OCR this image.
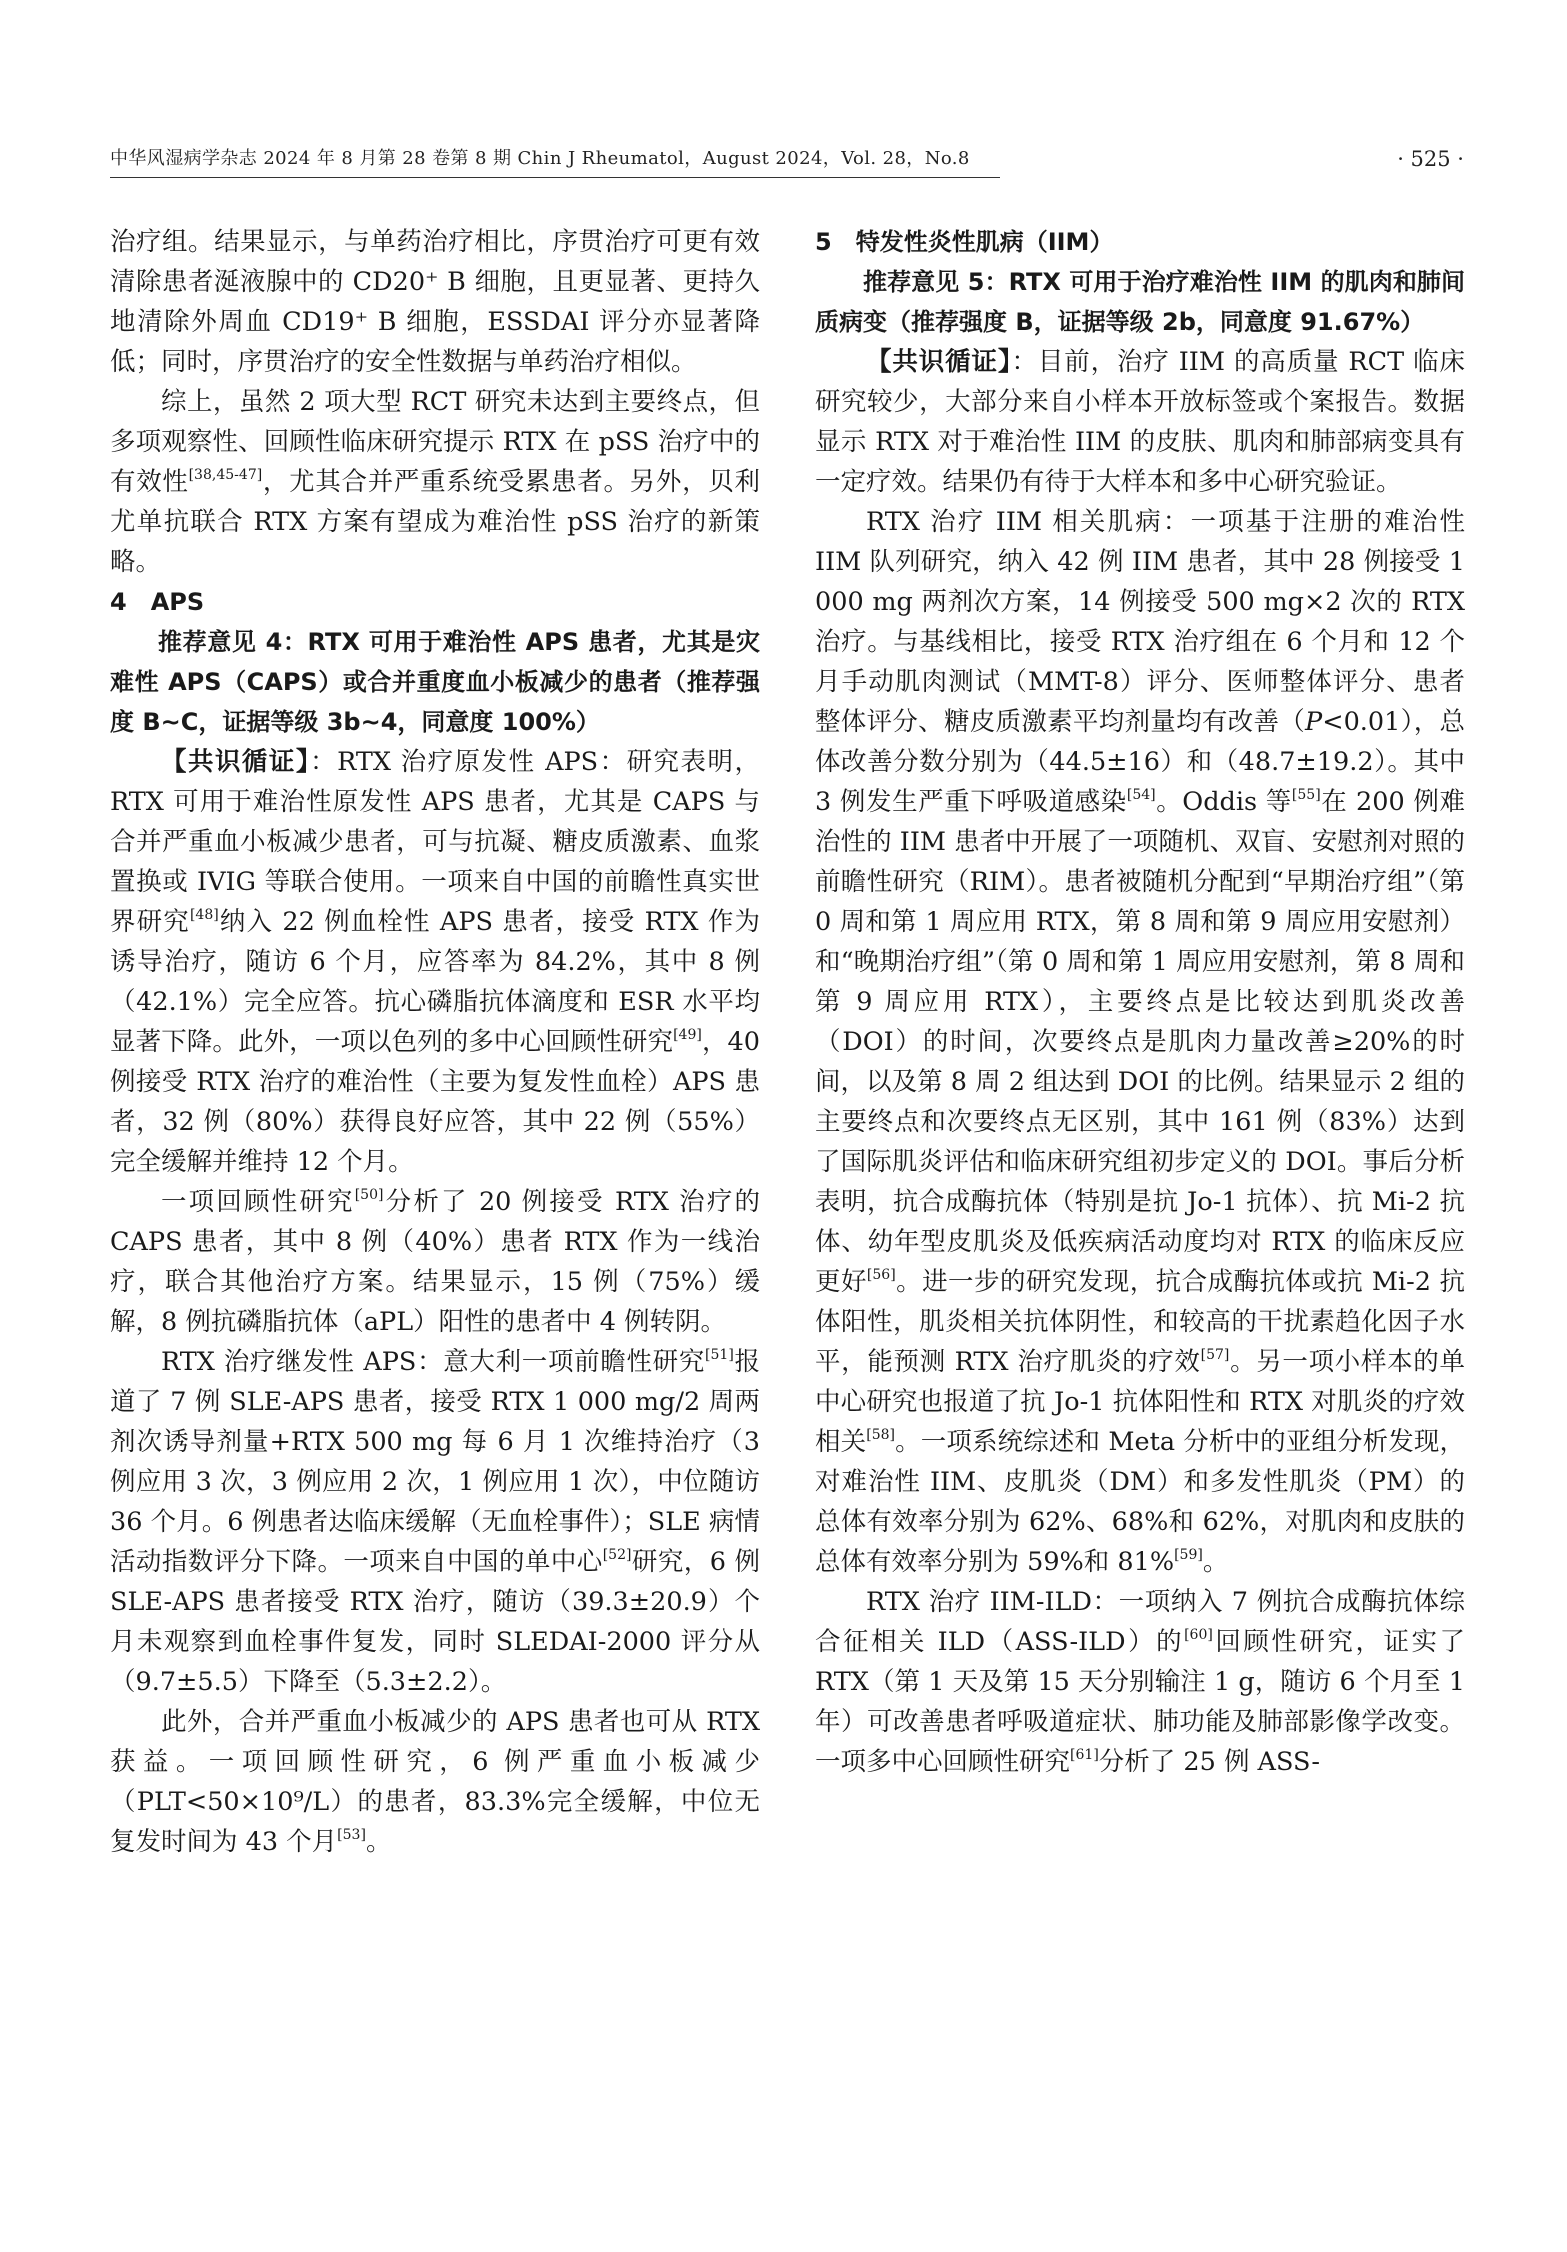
中华风湿病学杂志 2024 年 8 月第 28 卷第 8 期 Chin J Rheumatol，August 2024，Vol. 28，No.8	· 525 ·

治疗组。结果显示，与单药治疗相比，序贯治疗可更有效清除患者涎液腺中的 CD20⁺ B 细胞，且更显著、更持久地清除外周血 CD19⁺ B 细胞，ESSDAI 评分亦显著降低；同时，序贯治疗的安全性数据与单药治疗相似。

综上，虽然 2 项大型 RCT 研究未达到主要终点，但多项观察性、回顾性临床研究提示 RTX 在 pSS 治疗中的有效性[38,45-47]，尤其合并严重系统受累患者。另外，贝利尤单抗联合 RTX 方案有望成为难治性 pSS 治疗的新策略。

4　APS

推荐意见 4：RTX 可用于难治性 APS 患者，尤其是灾难性 APS（CAPS）或合并重度血小板减少的患者（推荐强度 B~C，证据等级 3b~4，同意度 100%）

【共识循证】：RTX 治疗原发性 APS：研究表明，RTX 可用于难治性原发性 APS 患者，尤其是 CAPS 与合并严重血小板减少患者，可与抗凝、糖皮质激素、血浆置换或 IVIG 等联合使用。一项来自中国的前瞻性真实世界研究[48]纳入 22 例血栓性 APS 患者，接受 RTX 作为诱导治疗，随访 6 个月，应答率为 84.2%，其中 8 例（42.1%）完全应答。抗心磷脂抗体滴度和 ESR 水平均显著下降。此外，一项以色列的多中心回顾性研究[49]，40 例接受 RTX 治疗的难治性（主要为复发性血栓）APS 患者，32 例（80%）获得良好应答，其中 22 例（55%）完全缓解并维持 12 个月。

一项回顾性研究[50]分析了 20 例接受 RTX 治疗的 CAPS 患者，其中 8 例（40%）患者 RTX 作为一线治疗，联合其他治疗方案。结果显示，15 例（75%）缓解，8 例抗磷脂抗体（aPL）阳性的患者中 4 例转阴。

RTX 治疗继发性 APS：意大利一项前瞻性研究[51]报道了 7 例 SLE-APS 患者，接受 RTX 1 000 mg/2 周两剂次诱导剂量+RTX 500 mg 每 6 月 1 次维持治疗（3 例应用 3 次，3 例应用 2 次，1 例应用 1 次），中位随访 36 个月。6 例患者达临床缓解（无血栓事件）；SLE 病情活动指数评分下降。一项来自中国的单中心[52]研究，6 例 SLE-APS 患者接受 RTX 治疗，随访（39.3±20.9）个月未观察到血栓事件复发，同时 SLEDAI-2000 评分从（9.7±5.5）下降至（5.3±2.2）。

此外，合并严重血小板减少的 APS 患者也可从 RTX 获益。一项回顾性研究，6 例严重血小板减少（PLT<50×10⁹/L）的患者，83.3%完全缓解，中位无复发时间为 43 个月[53]。

5　特发性炎性肌病（IIM）

推荐意见 5：RTX 可用于治疗难治性 IIM 的肌肉和肺间质病变（推荐强度 B，证据等级 2b，同意度 91.67%）

【共识循证】：目前，治疗 IIM 的高质量 RCT 临床研究较少，大部分来自小样本开放标签或个案报告。数据显示 RTX 对于难治性 IIM 的皮肤、肌肉和肺部病变具有一定疗效。结果仍有待于大样本和多中心研究验证。

RTX 治疗 IIM 相关肌病：一项基于注册的难治性 IIM 队列研究，纳入 42 例 IIM 患者，其中 28 例接受 1 000 mg 两剂次方案，14 例接受 500 mg×2 次的 RTX 治疗。与基线相比，接受 RTX 治疗组在 6 个月和 12 个月手动肌肉测试（MMT-8）评分、医师整体评分、患者整体评分、糖皮质激素平均剂量均有改善（P<0.01），总体改善分数分别为（44.5±16）和（48.7±19.2）。其中 3 例发生严重下呼吸道感染[54]。Oddis 等[55]在 200 例难治性的 IIM 患者中开展了一项随机、双盲、安慰剂对照的前瞻性研究（RIM）。患者被随机分配到“早期治疗组”（第 0 周和第 1 周应用 RTX，第 8 周和第 9 周应用安慰剂）和“晚期治疗组”（第 0 周和第 1 周应用安慰剂，第 8 周和第 9 周应用 RTX），主要终点是比较达到肌炎改善（DOI）的时间，次要终点是肌肉力量改善≥20%的时间，以及第 8 周 2 组达到 DOI 的比例。结果显示 2 组的主要终点和次要终点无区别，其中 161 例（83%）达到了国际肌炎评估和临床研究组初步定义的 DOI。事后分析表明，抗合成酶抗体（特别是抗 Jo-1 抗体）、抗 Mi-2 抗体、幼年型皮肌炎及低疾病活动度均对 RTX 的临床反应更好[56]。进一步的研究发现，抗合成酶抗体或抗 Mi-2 抗体阳性，肌炎相关抗体阴性，和较高的干扰素趋化因子水平，能预测 RTX 治疗肌炎的疗效[57]。另一项小样本的单中心研究也报道了抗 Jo-1 抗体阳性和 RTX 对肌炎的疗效相关[58]。一项系统综述和 Meta 分析中的亚组分析发现，对难治性 IIM、皮肌炎（DM）和多发性肌炎（PM）的总体有效率分别为 62%、68%和 62%，对肌肉和皮肤的总体有效率分别为 59%和 81%[59]。

RTX 治疗 IIM-ILD：一项纳入 7 例抗合成酶抗体综合征相关 ILD（ASS-ILD）的[60]回顾性研究，证实了 RTX（第 1 天及第 15 天分别输注 1 g，随访 6 个月至 1 年）可改善患者呼吸道症状、肺功能及肺部影像学改变。一项多中心回顾性研究[61]分析了 25 例 ASS-
